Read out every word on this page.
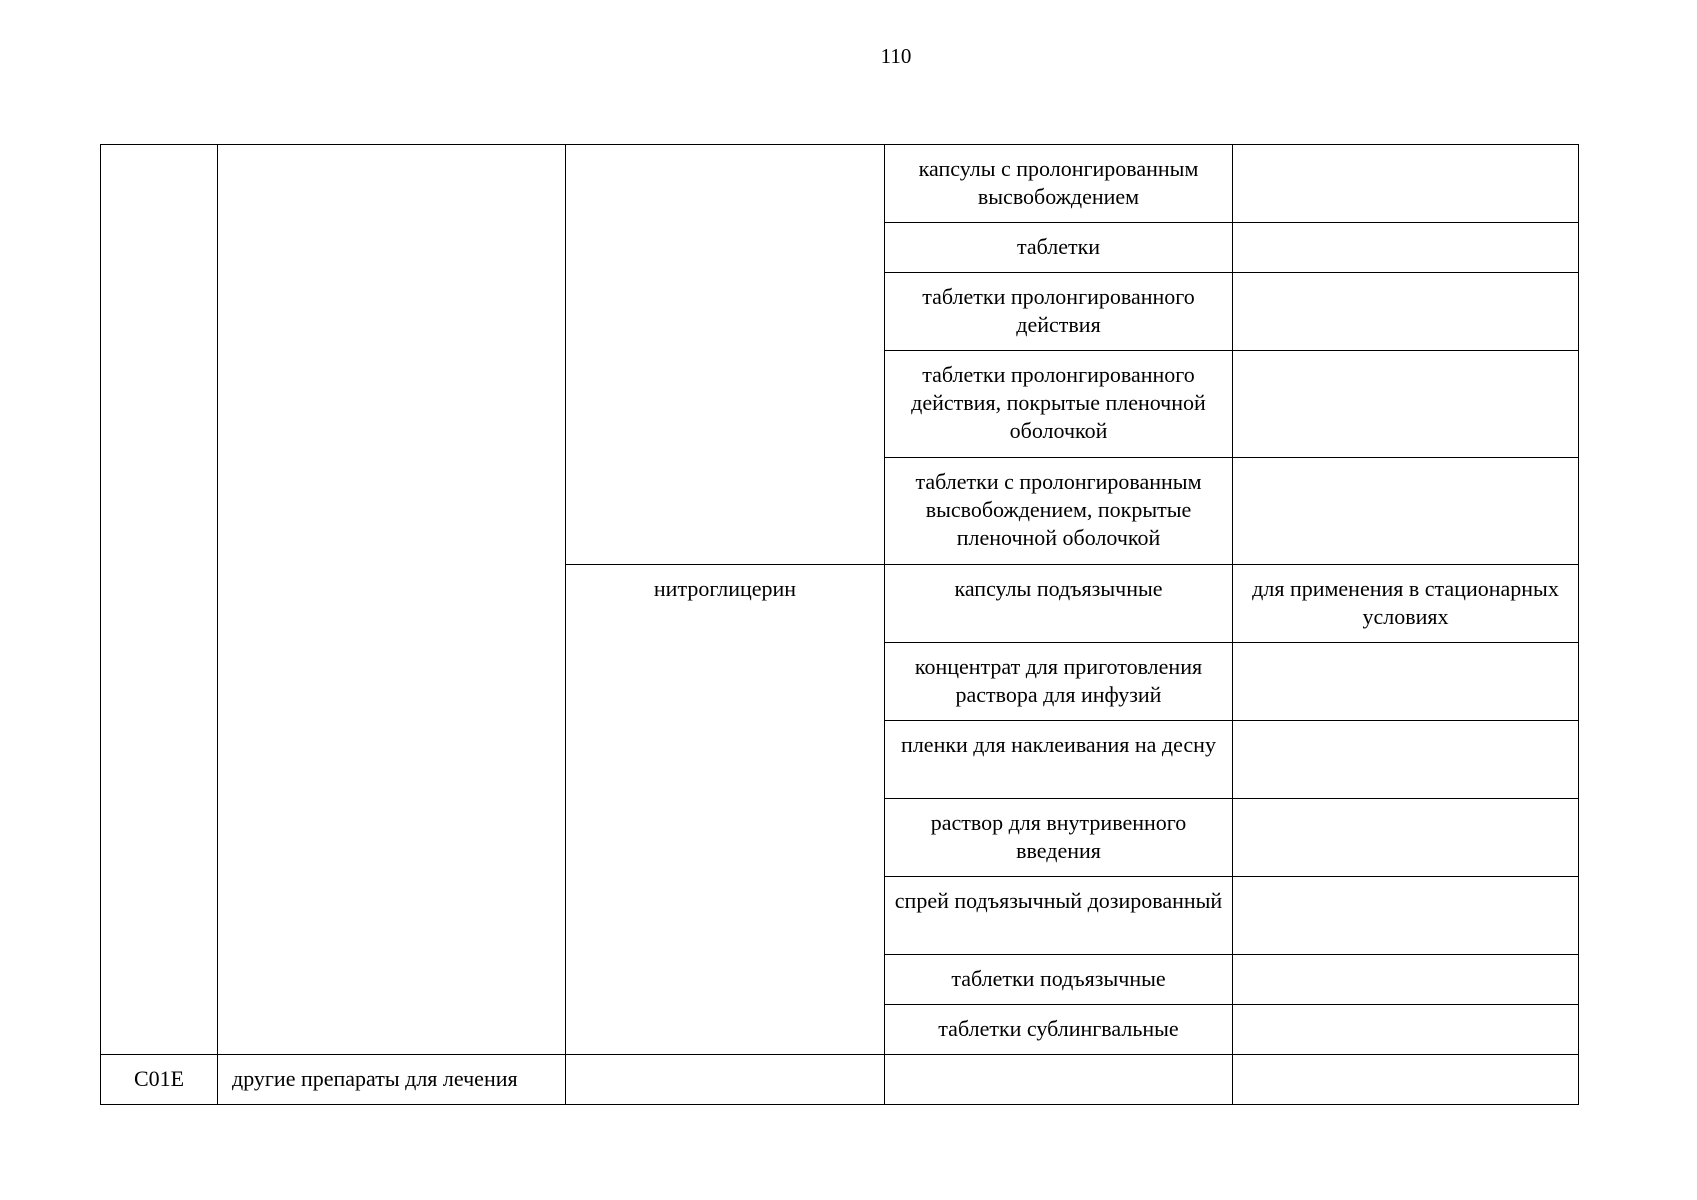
110
			капсулы с пролонгированным высвобождением	
			таблетки	
			таблетки пролонгированного действия	
			таблетки пролонгированного действия, покрытые пленочной оболочкой	
			таблетки с пролонгированным высвобождением, покрытые пленочной оболочкой	
		нитроглицерин	капсулы подъязычные	для применения в стационарных условиях
			концентрат для приготовления раствора для инфузий	
			пленки для наклеивания на десну	
			раствор для внутривенного введения	
			спрей подъязычный дозированный	
			таблетки подъязычные	
			таблетки сублингвальные	
C01E	другие препараты для лечения			
